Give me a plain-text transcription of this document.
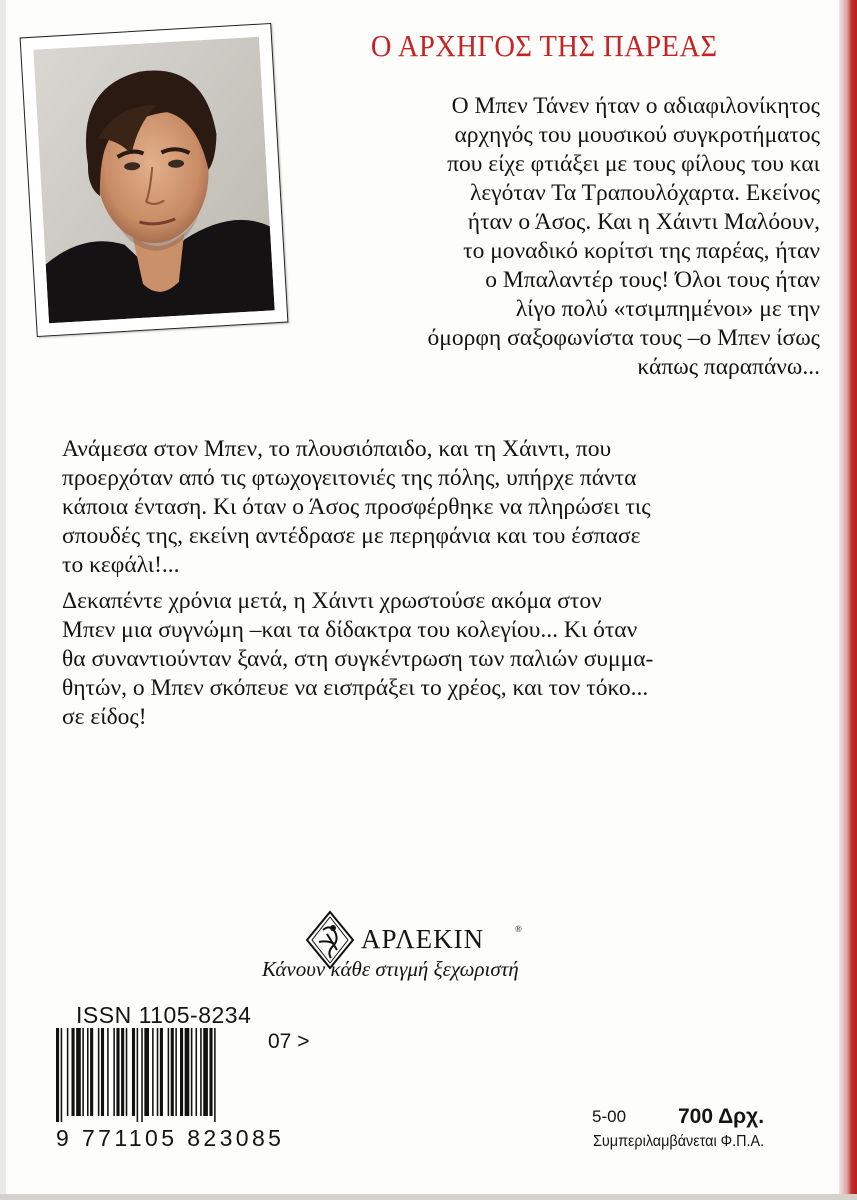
Ο ΑΡΧΗΓΟΣ ΤΗΣ ΠΑΡΕΑΣ
Ο Μπεν Τάνεν ήταν ο αδιαφιλονίκητος
αρχηγός του μουσικού συγκροτήματος
που είχε φτιάξει με τους φίλους του και
λεγόταν Τα Τραπουλόχαρτα. Εκείνος
ήταν ο Άσος. Και η Χάιντι Μαλόουν,
το μοναδικό κορίτσι της παρέας, ήταν
ο Μπαλαντέρ τους! Όλοι τους ήταν
λίγο πολύ «τσιμπημένοι» με την
όμορφη σαξοφωνίστα τους –ο Μπεν ίσως
κάπως παραπάνω...
Ανάμεσα στον Μπεν, το πλουσιόπαιδο, και τη Χάιντι, που
προερχόταν από τις φτωχογειτονιές της πόλης, υπήρχε πάντα
κάποια ένταση. Κι όταν ο Άσος προσφέρθηκε να πληρώσει τις
σπουδές της, εκείνη αντέδρασε με περηφάνια και του έσπασε
το κεφάλι!...
Δεκαπέντε χρόνια μετά, η Χάιντι χρωστούσε ακόμα στον
Μπεν μια συγνώμη –και τα δίδακτρα του κολεγίου... Κι όταν
θα συναντιούνταν ξανά, στη συγκέντρωση των παλιών συμμα-
θητών, ο Μπεν σκόπευε να εισπράξει το χρέος, και τον τόκο...
σε είδος!
ΑΡΛΕΚΙΝ	®
Κάνουν κάθε στιγμή ξεχωριστή
ISSN 1105-8234
07 >
9 771105 823085
5-00 700 Δρχ.
Συμπεριλαμβάνεται Φ.Π.Α.
